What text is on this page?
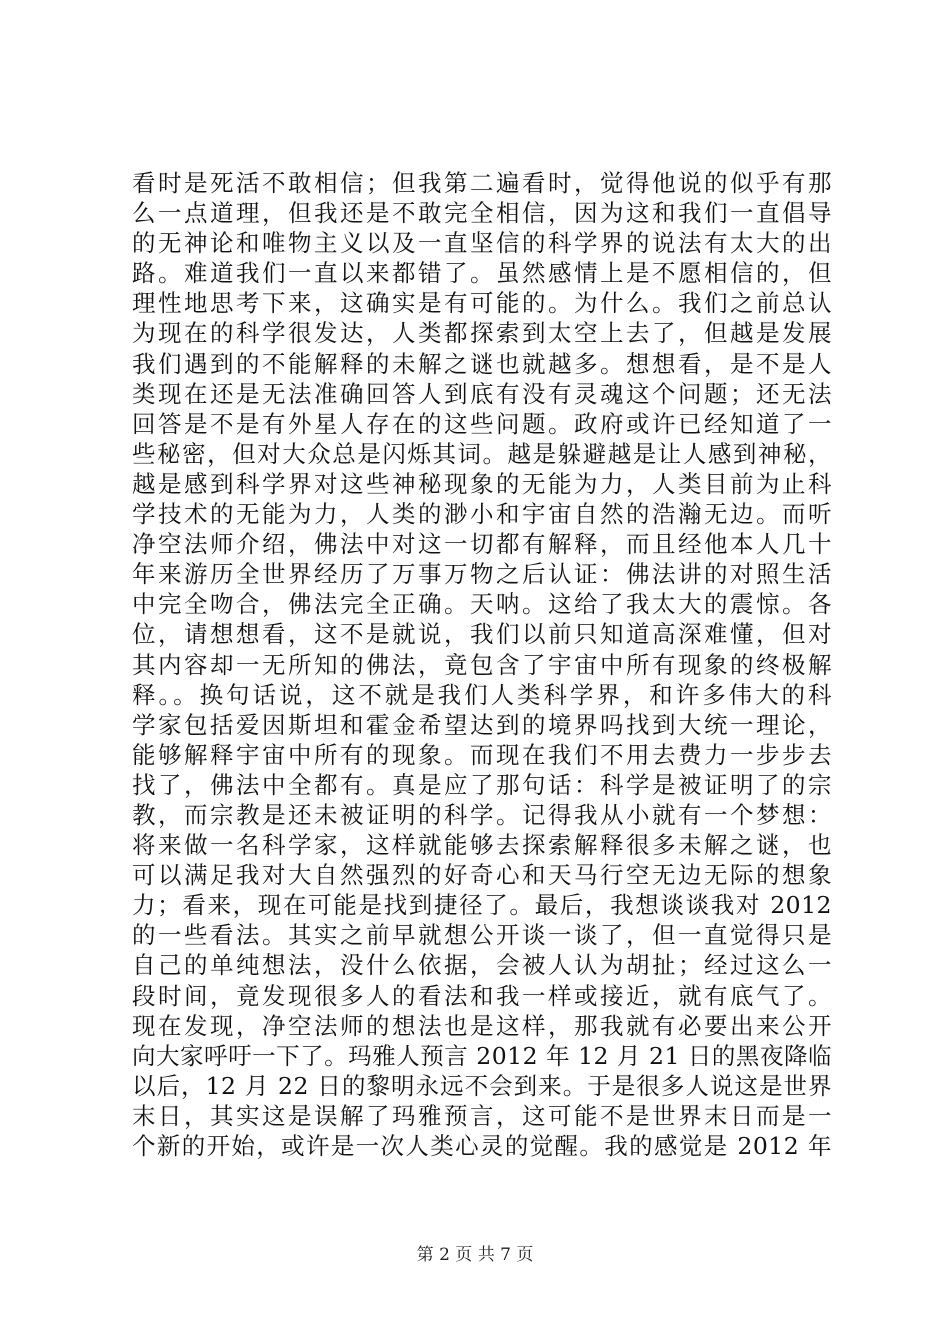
看时是死活不敢相信；但我第二遍看时，觉得他说的似乎有那
么一点道理，但我还是不敢完全相信，因为这和我们一直倡导
的无神论和唯物主义以及一直坚信的科学界的说法有太大的出
路。难道我们一直以来都错了。虽然感情上是不愿相信的，但
理性地思考下来，这确实是有可能的。为什么。我们之前总认
为现在的科学很发达，人类都探索到太空上去了，但越是发展
我们遇到的不能解释的未解之谜也就越多。想想看，是不是人
类现在还是无法准确回答人到底有没有灵魂这个问题；还无法
回答是不是有外星人存在的这些问题。政府或许已经知道了一
些秘密，但对大众总是闪烁其词。越是躲避越是让人感到神秘，
越是感到科学界对这些神秘现象的无能为力，人类目前为止科
学技术的无能为力，人类的渺小和宇宙自然的浩瀚无边。而听
净空法师介绍，佛法中对这一切都有解释，而且经他本人几十
年来游历全世界经历了万事万物之后认证：佛法讲的对照生活
中完全吻合，佛法完全正确。天呐。这给了我太大的震惊。各
位，请想想看，这不是就说，我们以前只知道高深难懂，但对
其内容却一无所知的佛法，竟包含了宇宙中所有现象的终极解
释。。换句话说，这不就是我们人类科学界，和许多伟大的科
学家包括爱因斯坦和霍金希望达到的境界吗找到大统一理论，
能够解释宇宙中所有的现象。而现在我们不用去费力一步步去
找了，佛法中全都有。真是应了那句话：科学是被证明了的宗
教，而宗教是还未被证明的科学。记得我从小就有一个梦想：
将来做一名科学家，这样就能够去探索解释很多未解之谜，也
可以满足我对大自然强烈的好奇心和天马行空无边无际的想象
力；看来，现在可能是找到捷径了。最后，我想谈谈我对 2012
的一些看法。其实之前早就想公开谈一谈了，但一直觉得只是
自己的单纯想法，没什么依据，会被人认为胡扯；经过这么一
段时间，竟发现很多人的看法和我一样或接近，就有底气了。
现在发现，净空法师的想法也是这样，那我就有必要出来公开
向大家呼吁一下了。玛雅人预言 2012 年 12 月 21 日的黑夜降临
以后，12 月 22 日的黎明永远不会到来。于是很多人说这是世界
末日，其实这是误解了玛雅预言，这可能不是世界末日而是一
个新的开始，或许是一次人类心灵的觉醒。我的感觉是 2012 年
第 2 页 共 7 页
